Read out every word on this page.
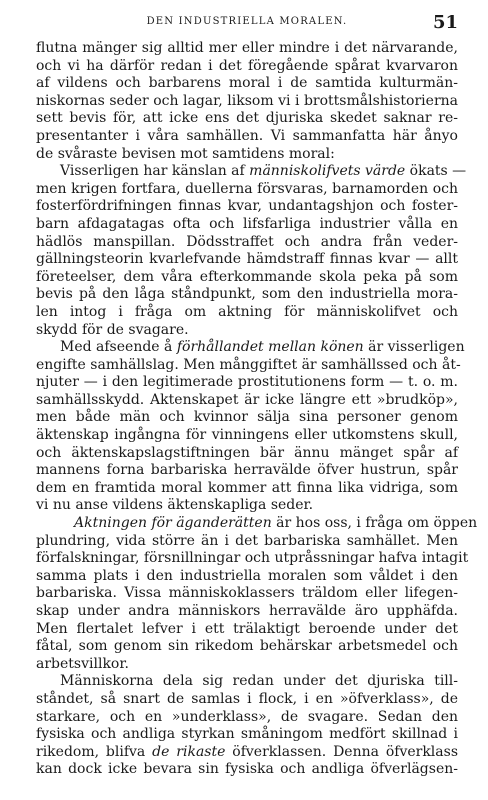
DEN INDUSTRIELLA MORALEN.	51
flutna mänger sig alltid mer eller mindre i det närvarande,
och vi ha därför redan i det föregående spårat kvarvaron
af vildens och barbarens moral i de samtida kulturmän-
niskornas seder och lagar, liksom vi i brottsmålshistorierna
sett bevis för, att icke ens det djuriska skedet saknar re-
presentanter i våra samhällen. Vi sammanfatta här ånyo
de svåraste bevisen mot samtidens moral:
Visserligen har känslan af människolifvets värde ökats —
men krigen fortfara, duellerna försvaras, barnamorden och
fosterfördrifningen finnas kvar, undantagshjon och foster-
barn afdagatagas ofta och lifsfarliga industrier vålla en
hädlös manspillan. Dödsstraffet och andra från veder-
gällningsteorin kvarlefvande hämdstraff finnas kvar — allt
företeelser, dem våra efterkommande skola peka på som
bevis på den låga ståndpunkt, som den industriella mora-
len intog i fråga om aktning för människolifvet och
skydd för de svagare.
Med afseende å förhållandet mellan könen är visserligen
engifte samhällslag. Men månggiftet är samhällssed och åt-
njuter — i den legitimerade prostitutionens form — t. o. m.
samhällsskydd. Aktenskapet är icke längre ett »brudköp»,
men både män och kvinnor sälja sina personer genom
äktenskap ingångna för vinningens eller utkomstens skull,
och äktenskapslagstiftningen bär ännu mänget spår af
mannens forna barbariska herravälde öfver hustrun, spår
dem en framtida moral kommer att finna lika vidriga, som
vi nu anse vildens äktenskapliga seder.
Aktningen för äganderätten är hos oss, i fråga om öppen
plundring, vida större än i det barbariska samhället. Men
förfalskningar, försnillningar och utpråssningar hafva intagit
samma plats i den industriella moralen som våldet i den
barbariska. Vissa människoklassers träldom eller lifegen-
skap under andra människors herravälde äro upphäfda.
Men flertalet lefver i ett trälaktigt beroende under det
fåtal, som genom sin rikedom behärskar arbetsmedel och
arbetsvillkor.
Människorna dela sig redan under det djuriska till-
ståndet, så snart de samlas i flock, i en »öfverklass», de
starkare, och en »underklass», de svagare. Sedan den
fysiska och andliga styrkan småningom medfört skillnad i
rikedom, blifva de rikaste öfverklassen. Denna öfverklass
kan dock icke bevara sin fysiska och andliga öfverlägsen-
